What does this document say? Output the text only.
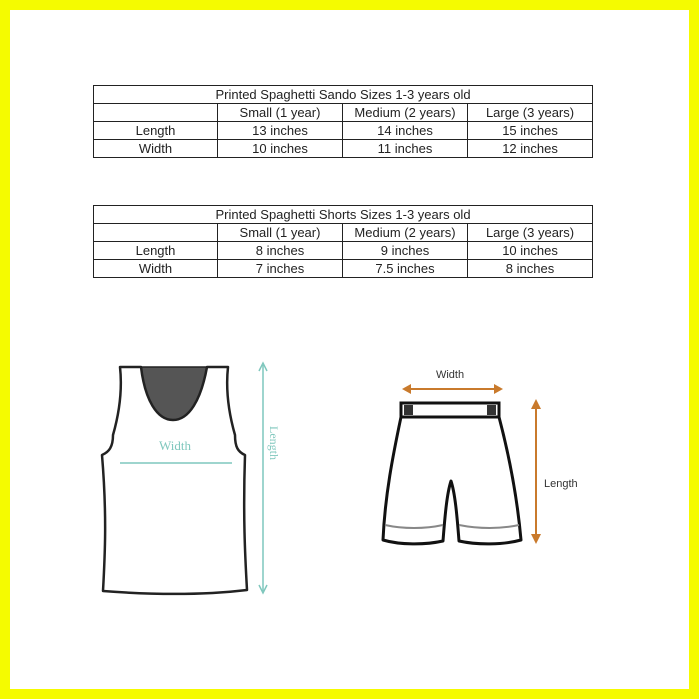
Printed Spaghetti Sando Sizes 1-3 years old			
	Small (1 year)	Medium (2 years)	Large (3 years)
Length	13 inches	14 inches	15 inches
Width	10 inches	11 inches	12 inches
Printed Spaghetti Shorts Sizes 1-3 years old			
	Small (1 year)	Medium (2 years)	Large (3 years)
Length	8 inches	9 inches	10 inches
Width	7 inches	7.5 inches	8 inches
Width	Length
Width
Length
